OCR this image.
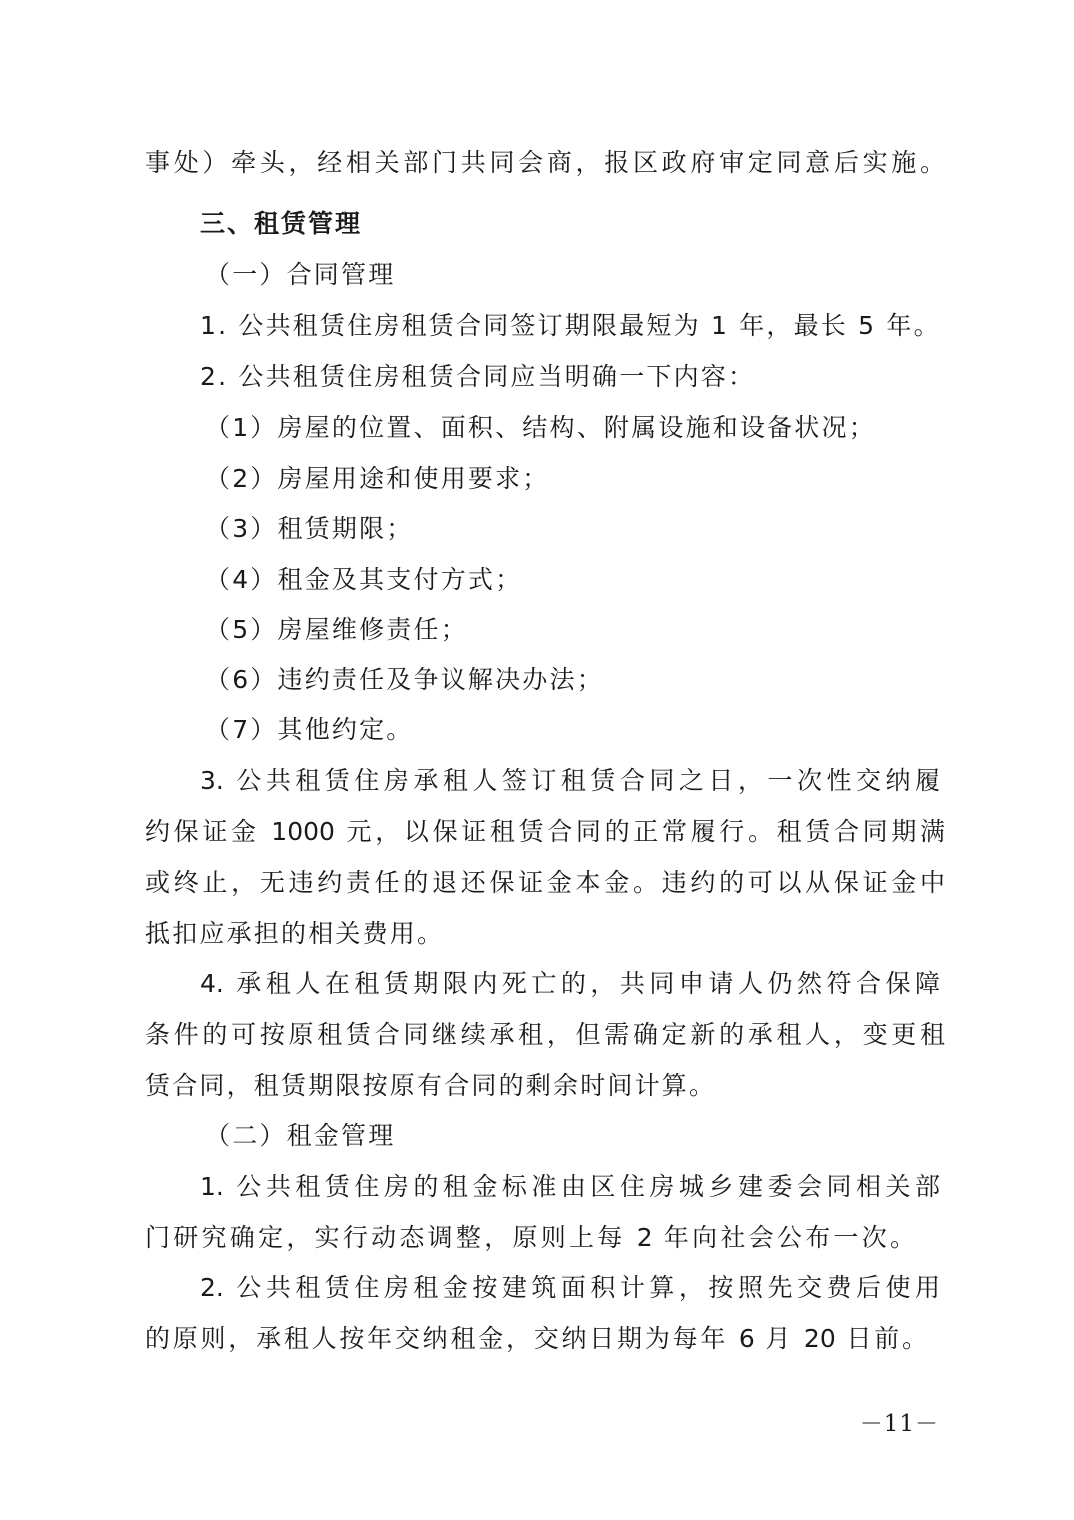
事处）牵头，经相关部门共同会商，报区政府审定同意后实施。
三、租赁管理
（一）合同管理
1. 公共租赁住房租赁合同签订期限最短为 1 年，最长 5 年。
2. 公共租赁住房租赁合同应当明确一下内容：
（1）房屋的位置、面积、结构、附属设施和设备状况；
（2）房屋用途和使用要求；
（3）租赁期限；
（4）租金及其支付方式；
（5）房屋维修责任；
（6）违约责任及争议解决办法；
（7）其他约定。
3. 公共租赁住房承租人签订租赁合同之日，一次性交纳履
约保证金 1000 元，以保证租赁合同的正常履行。租赁合同期满
或终止，无违约责任的退还保证金本金。违约的可以从保证金中
抵扣应承担的相关费用。
4. 承租人在租赁期限内死亡的，共同申请人仍然符合保障
条件的可按原租赁合同继续承租，但需确定新的承租人，变更租
赁合同，租赁期限按原有合同的剩余时间计算。
（二）租金管理
1. 公共租赁住房的租金标准由区住房城乡建委会同相关部
门研究确定，实行动态调整，原则上每 2 年向社会公布一次。
2. 公共租赁住房租金按建筑面积计算，按照先交费后使用
的原则，承租人按年交纳租金，交纳日期为每年 6 月 20 日前。
－11－
